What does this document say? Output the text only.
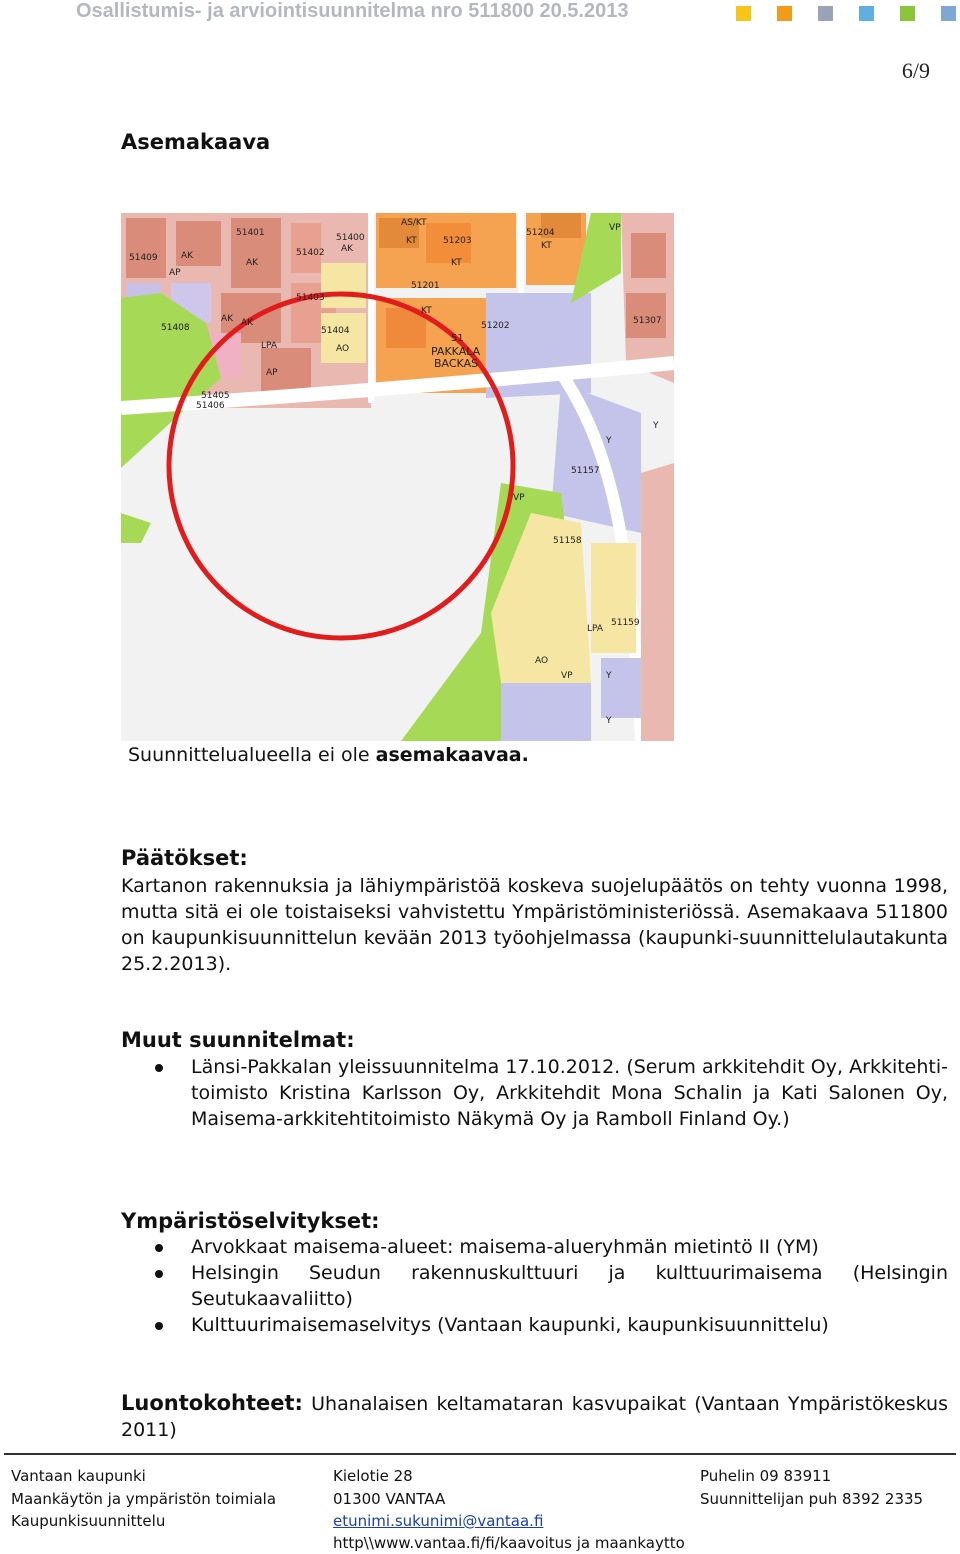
Osallistumis- ja arviointisuunnitelma nro 511800 20.5.2013
6/9
Asemakaava
51409
AP
AK
51401
AK
51402
51400
AK
51403
AK
51404
51405
51406
LPA	AO
AP
51408
AK
AS/KT
KT	51203
KT
51202
KT
51201
51204
KT
VP
51
PAKKALA
BACKAS
Y
51157
VP
51158
LPA
51159
AO
VP	Y
Y
51307
Y
Suunnittelualueella ei ole asemakaavaa.
Päätökset:
Kartanon rakennuksia ja lähiympäristöä koskeva suojelupäätös on tehty vuonna 1998, mutta sitä ei ole toistaiseksi vahvistettu Ympäristöministeriössä. Asemakaava 511800 on kaupunkisuunnittelun kevään 2013 työohjelmassa (kaupunki-suunnittelulautakunta 25.2.2013).
Muut suunnitelmat:
Länsi-Pakkalan yleissuunnitelma 17.10.2012. (Serum arkkitehdit Oy, Arkkitehti-toimisto Kristina Karlsson Oy, Arkkitehdit Mona Schalin ja Kati Salonen Oy, Maisema-arkkitehtitoimisto Näkymä Oy ja Ramboll Finland Oy.)
Ympäristöselvitykset:
Arvokkaat maisema-alueet: maisema-alueryhmän mietintö II (YM)
Helsingin Seudun rakennuskulttuuri ja kulttuurimaisema (Helsingin Seutukaavaliitto)
Kulttuurimaisemaselvitys (Vantaan kaupunki, kaupunkisuunnittelu)
Luontokohteet: Uhanalaisen keltamataran kasvupaikat (Vantaan Ympäristökeskus 2011)
Vantaan kaupunki
Maankäytön ja ympäristön toimiala
Kaupunkisuunnittelu
Kielotie 28
01300 VANTAA
etunimi.sukunimi@vantaa.fi
http\\www.vantaa.fi/fi/kaavoitus ja maankaytto
Puhelin 09 83911
Suunnittelijan puh 8392 2335
